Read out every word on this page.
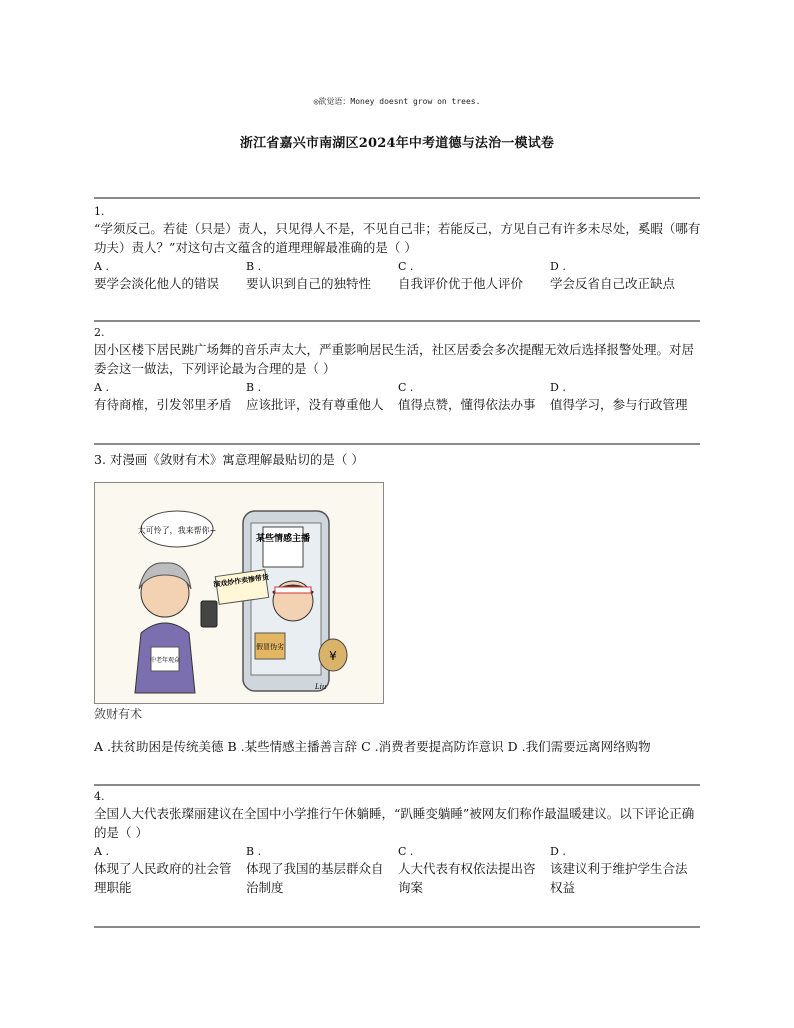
◎欲觉语：Money doesnt grow on trees.
浙江省嘉兴市南湖区2024年中考道德与法治一模试卷
1.

“学须反己。若徒（只是）责人，只见得人不是，不见自己非；若能反己，方见自己有许多未尽处，奚暇（哪有功夫）责人？”对这句古文蕴含的道理理解最准确的是（ ）

A .
要学会淡化他人的错误
B .
要认识到自己的独特性
C .
自我评价优于他人评价
D .
学会反省自己改正缺点
2.

因小区楼下居民跳广场舞的音乐声太大，严重影响居民生活，社区居委会多次提醒无效后选择报警处理。对居委会这一做法，下列评论最为合理的是（ ）

A .
有待商榷，引发邻里矛盾
B .
应该批评，没有尊重他人
C .
值得点赞，懂得依法办事
D .
值得学习，参与行政管理

3. 对漫画《敛财有术》寓意理解最贴切的是（ ）

某些情感主播
假冒伪劣
¥
演戏炒作卖惨带货
中老年观众
太可怜了，我来帮你~
Liu
敛财有术
A .扶贫助困是传统美德 B .某些情感主播善言辞 C .消费者要提高防诈意识 D .我们需要远离网络购物
4.

全国人大代表张璨丽建议在全国中小学推行午休躺睡，“趴睡变躺睡”被网友们称作最温暖建议。以下评论正确的是（ ）

A .
体现了人民政府的社会管理职能
B .
体现了我国的基层群众自治制度
C .
人大代表有权依法提出咨询案
D .
该建议利于维护学生合法权益
